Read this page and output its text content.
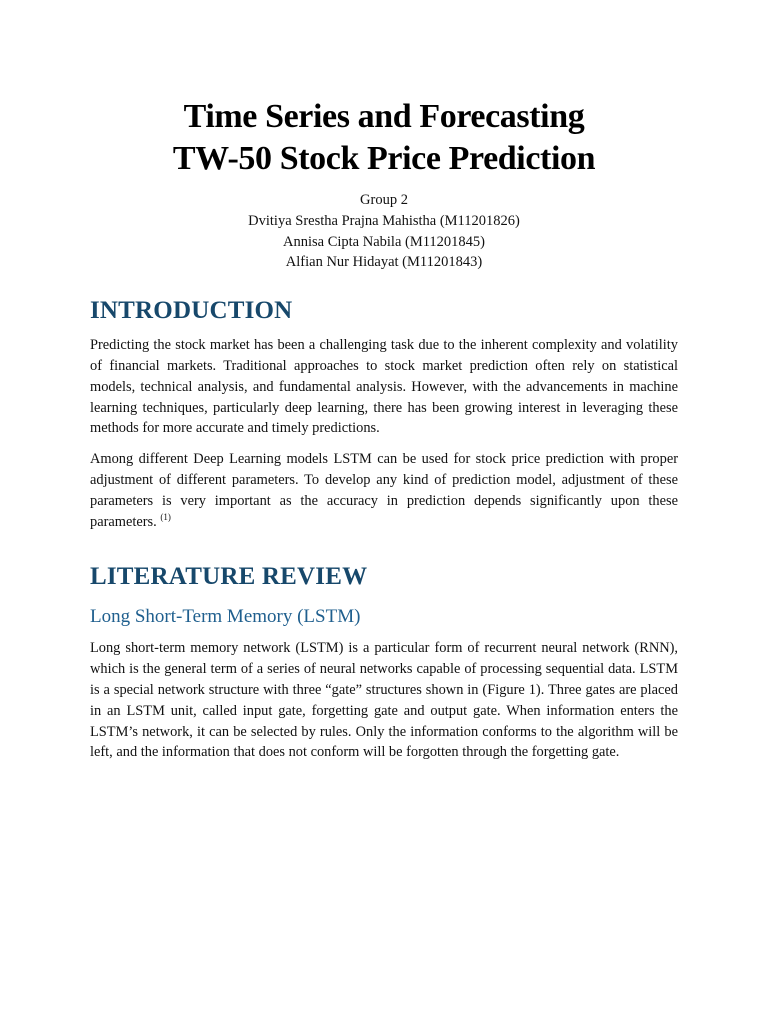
Time Series and Forecasting
TW-50 Stock Price Prediction
Group 2
Dvitiya Srestha Prajna Mahistha (M11201826)
Annisa Cipta Nabila (M11201845)
Alfian Nur Hidayat (M11201843)
INTRODUCTION

Predicting the stock market has been a challenging task due to the inherent complexity and volatility of financial markets. Traditional approaches to stock market prediction often rely on statistical models, technical analysis, and fundamental analysis. However, with the advancements in machine learning techniques, particularly deep learning, there has been growing interest in leveraging these methods for more accurate and timely predictions.

Among different Deep Learning models LSTM can be used for stock price prediction with proper adjustment of different parameters. To develop any kind of prediction model, adjustment of these parameters is very important as the accuracy in prediction depends significantly upon these parameters. $^{(1)}$

LITERATURE REVIEW
Long Short-Term Memory (LSTM)

Long short-term memory network (LSTM) is a particular form of recurrent neural network (RNN), which is the general term of a series of neural networks capable of processing sequential data. LSTM is a special network structure with three “gate” structures shown in (Figure 1). Three gates are placed in an LSTM unit, called input gate, forgetting gate and output gate. When information enters the LSTM’s network, it can be selected by rules. Only the information conforms to the algorithm will be left, and the information that does not conform will be forgotten through the forgetting gate.
